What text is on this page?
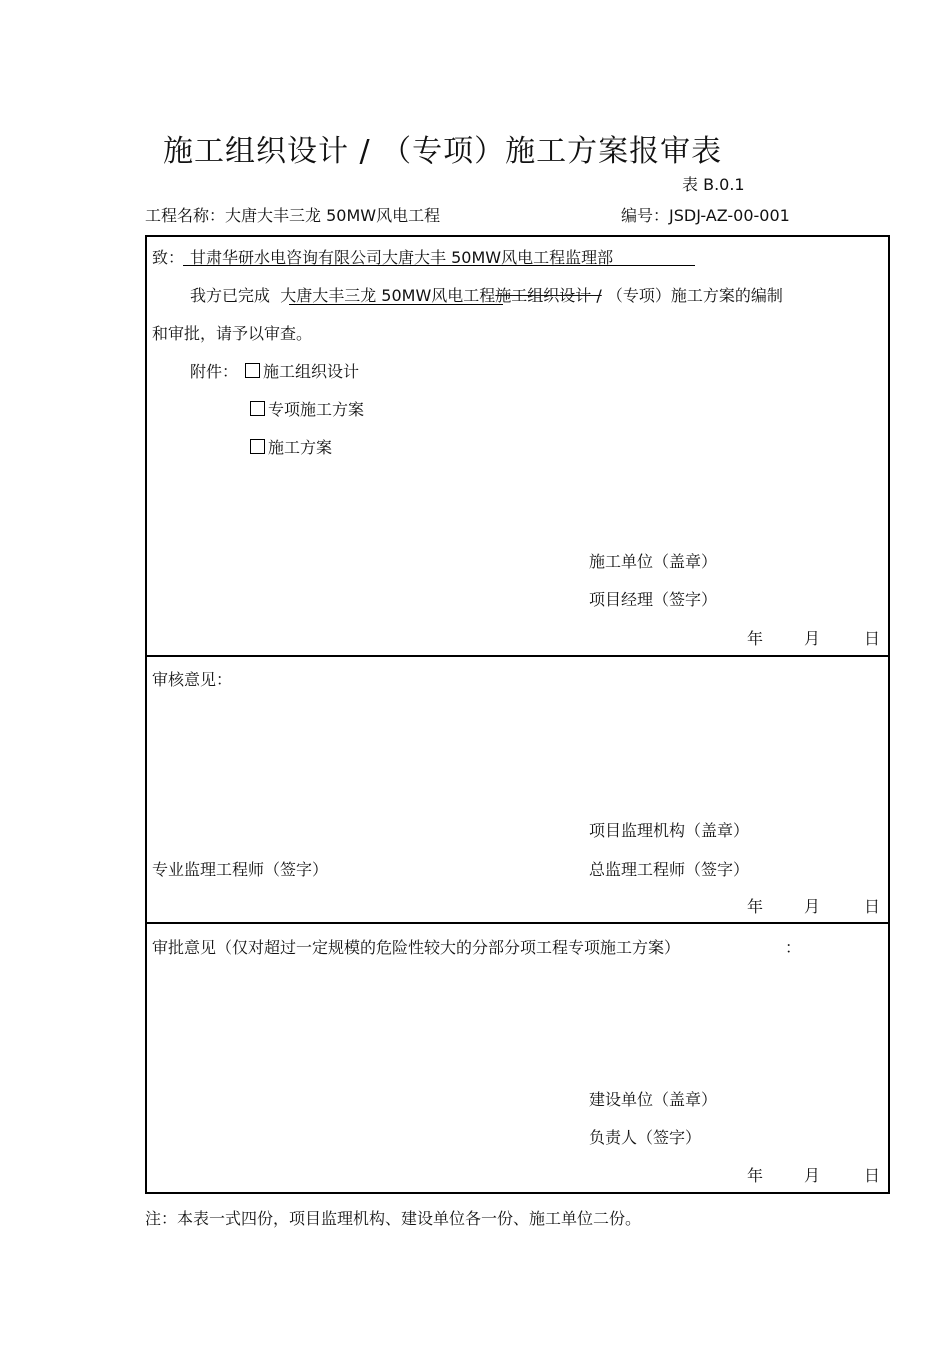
施工组织设计 / （专项）施工方案报审表
表 B.0.1
工程名称：大唐大丰三龙 50MW风电工程	编号：JSDJ-AZ-00-001
致： 甘肃华研水电咨询有限公司大唐大丰 50MW风电工程监理部
我方已完成 大唐大丰三龙 50MW风电工程施工组织设计 / （专项）施工方案的编制
和审批，请予以审查。
附件：	施工组织设计
专项施工方案
施工方案
施工单位（盖章）
项目经理（签字）
年	月	日
审核意见：
项目监理机构（盖章）
专业监理工程师（签字）	总监理工程师（签字）
年	月	日
审批意见（仅对超过一定规模的危险性较大的分部分项工程专项施工方案）	：
建设单位（盖章）
负责人（签字）
年	月	日
注：本表一式四份，项目监理机构、建设单位各一份、施工单位二份。
